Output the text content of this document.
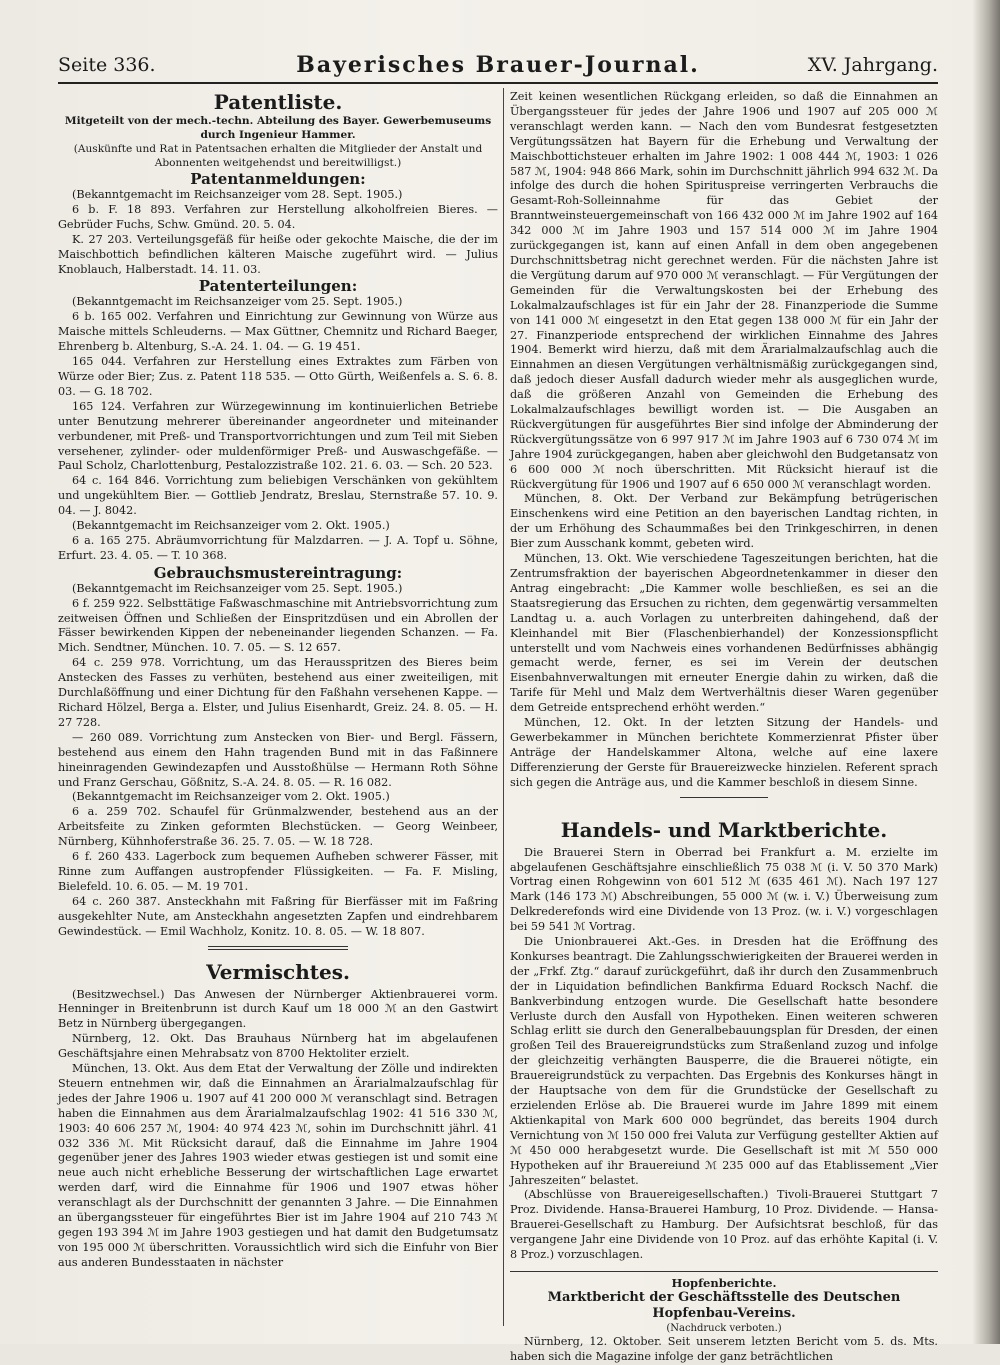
Seite 336.	Bayerisches Brauer-Journal.	XV. Jahrgang.

Patentliste.

Mitgeteilt von der mech.-techn. Abteilung des Bayer. Gewerbemuseums durch Ingenieur Hammer.

(Auskünfte und Rat in Patentsachen erhalten die Mitglieder der Anstalt und Abonnenten weitgehendst und bereitwilligst.)

Patentanmeldungen:

(Bekanntgemacht im Reichsanzeiger vom 28. Sept. 1905.)

6 b. F. 18 893. Verfahren zur Herstellung alkoholfreien Bieres. — Gebrüder Fuchs, Schw. Gmünd. 20. 5. 04.

K. 27 203. Verteilungsgefäß für heiße oder gekochte Maische, die der im Maischbottich befindlichen kälteren Maische zugeführt wird. — Julius Knoblauch, Halberstadt. 14. 11. 03.

Patenterteilungen:

(Bekanntgemacht im Reichsanzeiger vom 25. Sept. 1905.)

6 b. 165 002. Verfahren und Einrichtung zur Gewinnung von Würze aus Maische mittels Schleuderns. — Max Güttner, Chemnitz und Richard Baeger, Ehrenberg b. Altenburg, S.-A. 24. 1. 04. — G. 19 451.

165 044. Verfahren zur Herstellung eines Extraktes zum Färben von Würze oder Bier; Zus. z. Patent 118 535. — Otto Gürth, Weißenfels a. S. 6. 8. 03. — G. 18 702.

165 124. Verfahren zur Würzegewinnung im kontinuierlichen Betriebe unter Benutzung mehrerer übereinander angeordneter und miteinander verbundener, mit Preß- und Transportvorrichtungen und zum Teil mit Sieben versehener, zylinder- oder muldenförmiger Preß- und Auswaschgefäße. — Paul Scholz, Charlottenburg, Pestalozzistraße 102. 21. 6. 03. — Sch. 20 523.

64 c. 164 846. Vorrichtung zum beliebigen Verschänken von gekühltem und ungekühltem Bier. — Gottlieb Jendratz, Breslau, Sternstraße 57. 10. 9. 04. — J. 8042.

(Bekanntgemacht im Reichsanzeiger vom 2. Okt. 1905.)

6 a. 165 275. Abräumvorrichtung für Malzdarren. — J. A. Topf u. Söhne, Erfurt. 23. 4. 05. — T. 10 368.

Gebrauchsmustereintragung:

(Bekanntgemacht im Reichsanzeiger vom 25. Sept. 1905.)

6 f. 259 922. Selbsttätige Faßwaschmaschine mit Antriebsvorrichtung zum zeitweisen Öffnen und Schließen der Einspritzdüsen und ein Abrollen der Fässer bewirkenden Kippen der nebeneinander liegenden Schanzen. — Fa. Mich. Sendtner, München. 10. 7. 05. — S. 12 657.

64 c. 259 978. Vorrichtung, um das Herausspritzen des Bieres beim Anstecken des Fasses zu verhüten, bestehend aus einer zweiteiligen, mit Durchlaßöffnung und einer Dichtung für den Faßhahn versehenen Kappe. — Richard Hölzel, Berga a. Elster, und Julius Eisenhardt, Greiz. 24. 8. 05. — H. 27 728.

— 260 089. Vorrichtung zum Anstecken von Bier- und Bergl. Fässern, bestehend aus einem den Hahn tragenden Bund mit in das Faßinnere hineinragenden Gewindezapfen und Ausstoßhülse — Hermann Roth Söhne und Franz Gerschau, Gößnitz, S.-A. 24. 8. 05. — R. 16 082.

(Bekanntgemacht im Reichsanzeiger vom 2. Okt. 1905.)

6 a. 259 702. Schaufel für Grünmalzwender, bestehend aus an der Arbeitsfeite zu Zinken geformten Blechstücken. — Georg Weinbeer, Nürnberg, Kühnhoferstraße 36. 25. 7. 05. — W. 18 728.

6 f. 260 433. Lagerbock zum bequemen Aufheben schwerer Fässer, mit Rinne zum Auffangen austropfender Flüssigkeiten. — Fa. F. Misling, Bielefeld. 10. 6. 05. — M. 19 701.

64 c. 260 387. Ansteckhahn mit Faßring für Bierfässer mit im Faßring ausgekehlter Nute, am Ansteckhahn angesetzten Zapfen und eindrehbarem Gewindestück. — Emil Wachholz, Konitz. 10. 8. 05. — W. 18 807.

Vermischtes.

(Besitzwechsel.) Das Anwesen der Nürnberger Aktienbrauerei vorm. Henninger in Breitenbrunn ist durch Kauf um 18 000 ℳ an den Gastwirt Betz in Nürnberg übergegangen.

Nürnberg, 12. Okt. Das Brauhaus Nürnberg hat im abgelaufenen Geschäftsjahre einen Mehrabsatz von 8700 Hektoliter erzielt.

München, 13. Okt. Aus dem Etat der Verwaltung der Zölle und indirekten Steuern entnehmen wir, daß die Einnahmen an Ärarialmalzaufschlag für jedes der Jahre 1906 u. 1907 auf 41 200 000 ℳ veranschlagt sind. Betragen haben die Einnahmen aus dem Ärarialmalzaufschlag 1902: 41 516 330 ℳ, 1903: 40 606 257 ℳ, 1904: 40 974 423 ℳ, sohin im Durchschnitt jährl. 41 032 336 ℳ. Mit Rücksicht darauf, daß die Einnahme im Jahre 1904 gegenüber jener des Jahres 1903 wieder etwas gestiegen ist und somit eine neue auch nicht erhebliche Besserung der wirtschaftlichen Lage erwartet werden darf, wird die Einnahme für 1906 und 1907 etwas höher veranschlagt als der Durchschnitt der genannten 3 Jahre. — Die Einnahmen an übergangssteuer für eingeführtes Bier ist im Jahre 1904 auf 210 743 ℳ gegen 193 394 ℳ im Jahre 1903 gestiegen und hat damit den Budgetumsatz von 195 000 ℳ überschritten. Voraussichtlich wird sich die Einfuhr von Bier aus anderen Bundesstaaten in nächster

Zeit keinen wesentlichen Rückgang erleiden, so daß die Einnahmen an Übergangssteuer für jedes der Jahre 1906 und 1907 auf 205 000 ℳ veranschlagt werden kann. — Nach den vom Bundesrat festgesetzten Vergütungssätzen hat Bayern für die Erhebung und Verwaltung der Maischbottichsteuer erhalten im Jahre 1902: 1 008 444 ℳ, 1903: 1 026 587 ℳ, 1904: 948 866 Mark, sohin im Durchschnitt jährlich 994 632 ℳ. Da infolge des durch die hohen Spirituspreise verringerten Verbrauchs die Gesamt-Roh-Solleinnahme für das Gebiet der Branntweinsteuergemeinschaft von 166 432 000 ℳ im Jahre 1902 auf 164 342 000 ℳ im Jahre 1903 und 157 514 000 ℳ im Jahre 1904 zurückgegangen ist, kann auf einen Anfall in dem oben angegebenen Durchschnittsbetrag nicht gerechnet werden. Für die nächsten Jahre ist die Vergütung darum auf 970 000 ℳ veranschlagt. — Für Vergütungen der Gemeinden für die Verwaltungskosten bei der Erhebung des Lokalmalzaufschlages ist für ein Jahr der 28. Finanzperiode die Summe von 141 000 ℳ eingesetzt in den Etat gegen 138 000 ℳ für ein Jahr der 27. Finanzperiode entsprechend der wirklichen Einnahme des Jahres 1904. Bemerkt wird hierzu, daß mit dem Ärarialmalzaufschlag auch die Einnahmen an diesen Vergütungen verhältnismäßig zurückgegangen sind, daß jedoch dieser Ausfall dadurch wieder mehr als ausgeglichen wurde, daß die größeren Anzahl von Gemeinden die Erhebung des Lokalmalzaufschlages bewilligt worden ist. — Die Ausgaben an Rückvergütungen für ausgeführtes Bier sind infolge der Abminderung der Rückvergütungssätze von 6 997 917 ℳ im Jahre 1903 auf 6 730 074 ℳ im Jahre 1904 zurückgegangen, haben aber gleichwohl den Budgetansatz von 6 600 000 ℳ noch überschritten. Mit Rücksicht hierauf ist die Rückvergütung für 1906 und 1907 auf 6 650 000 ℳ veranschlagt worden.

München, 8. Okt. Der Verband zur Bekämpfung betrügerischen Einschenkens wird eine Petition an den bayerischen Landtag richten, in der um Erhöhung des Schaummaßes bei den Trinkgeschirren, in denen Bier zum Ausschank kommt, gebeten wird.

München, 13. Okt. Wie verschiedene Tageszeitungen berichten, hat die Zentrumsfraktion der bayerischen Abgeordnetenkammer in dieser den Antrag eingebracht: „Die Kammer wolle beschließen, es sei an die Staatsregierung das Ersuchen zu richten, dem gegenwärtig versammelten Landtag u. a. auch Vorlagen zu unterbreiten dahingehend, daß der Kleinhandel mit Bier (Flaschenbierhandel) der Konzessionspflicht unterstellt und vom Nachweis eines vorhandenen Bedürfnisses abhängig gemacht werde, ferner, es sei im Verein der deutschen Eisenbahnverwaltungen mit erneuter Energie dahin zu wirken, daß die Tarife für Mehl und Malz dem Wertverhältnis dieser Waren gegenüber dem Getreide entsprechend erhöht werden.“

München, 12. Okt. In der letzten Sitzung der Handels- und Gewerbekammer in München berichtete Kommerzienrat Pfister über Anträge der Handelskammer Altona, welche auf eine laxere Differenzierung der Gerste für Brauereizwecke hinzielen. Referent sprach sich gegen die Anträge aus, und die Kammer beschloß in diesem Sinne.

Handels- und Marktberichte.

Die Brauerei Stern in Oberrad bei Frankfurt a. M. erzielte im abgelaufenen Geschäftsjahre einschließlich 75 038 ℳ (i. V. 50 370 Mark) Vortrag einen Rohgewinn von 601 512 ℳ (635 461 ℳ). Nach 197 127 Mark (146 173 ℳ) Abschreibungen, 55 000 ℳ (w. i. V.) Überweisung zum Delkrederefonds wird eine Dividende von 13 Proz. (w. i. V.) vorgeschlagen bei 59 541 ℳ Vortrag.

Die Unionbrauerei Akt.-Ges. in Dresden hat die Eröffnung des Konkurses beantragt. Die Zahlungsschwierigkeiten der Brauerei werden in der „Frkf. Ztg.“ darauf zurückgeführt, daß ihr durch den Zusammenbruch der in Liquidation befindlichen Bankfirma Eduard Rocksch Nachf. die Bankverbindung entzogen wurde. Die Gesellschaft hatte besondere Verluste durch den Ausfall von Hypotheken. Einen weiteren schweren Schlag erlitt sie durch den Generalbebauungsplan für Dresden, der einen großen Teil des Brauereigrundstücks zum Straßenland zuzog und infolge der gleichzeitig verhängten Bausperre, die die Brauerei nötigte, ein Brauereigrundstück zu verpachten. Das Ergebnis des Konkurses hängt in der Hauptsache von dem für die Grundstücke der Gesellschaft zu erzielenden Erlöse ab. Die Brauerei wurde im Jahre 1899 mit einem Aktienkapital von Mark 600 000 begründet, das bereits 1904 durch Vernichtung von ℳ 150 000 frei Valuta zur Verfügung gestellter Aktien auf ℳ 450 000 herabgesetzt wurde. Die Gesellschaft ist mit ℳ 550 000 Hypotheken auf ihr Brauereiund ℳ 235 000 auf das Etablissement „Vier Jahreszeiten“ belastet.

(Abschlüsse von Brauereigesellschaften.) Tivoli-Brauerei Stuttgart 7 Proz. Dividende. Hansa-Brauerei Hamburg, 10 Proz. Dividende. — Hansa-Brauerei-Gesellschaft zu Hamburg. Der Aufsichtsrat beschloß, für das vergangene Jahr eine Dividende von 10 Proz. auf das erhöhte Kapital (i. V. 8 Proz.) vorzuschlagen.

Hopfenberichte.

Marktbericht der Geschäftsstelle des Deutschen Hopfenbau-Vereins.

(Nachdruck verboten.)

Nürnberg, 12. Oktober. Seit unserem letzten Bericht vom 5. ds. Mts. haben sich die Magazine infolge der ganz beträchtlichen
